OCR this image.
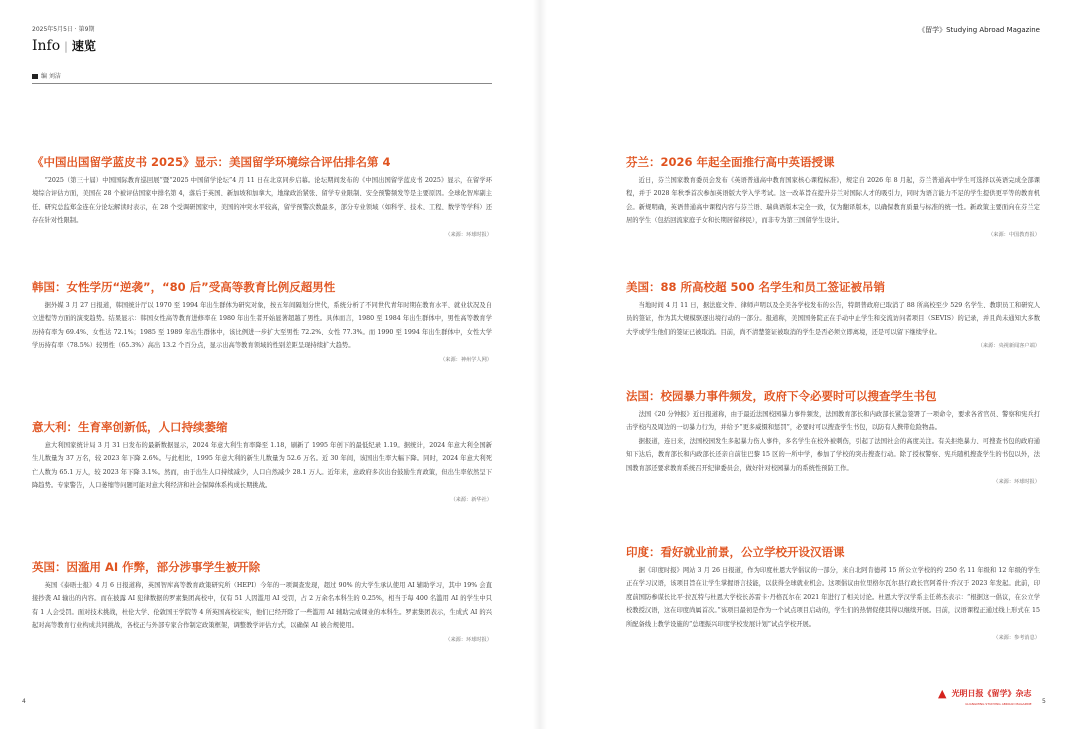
2025年5月5日 · 第9期
Info | 速览
编 刘洁
《中国出国留学蓝皮书 2025》显示：美国留学环境综合评估排名第 4

“2025（第三十届）中国国际教育巡回展”暨“2025 中国留学论坛”4 月 11 日在北京同步启幕。论坛期间发布的《中国出国留学蓝皮书 2025》显示，在留学环境综合评估方面，美国在 28 个被评估国家中排名第 4，落后于英国、新加坡和加拿大，地缘政治紧张、留学专业限制、安全预警频发等是主要原因。全球化智库副主任、研究总监郑金连在分论坛解读时表示，在 28 个受调研国家中，美国的冲突水平较高，留学预警次数最多，部分专业领域（如科学、技术、工程、数学等学科）还存在针对性限制。

（来源：环球时报）
韩国：女性学历“逆袭”，“80 后”受高等教育比例反超男性

据外媒 3 月 27 日报道，韩国统计厅以 1970 至 1994 年出生群体为研究对象，按五年间隔划分世代，系统分析了不同世代青年时期在教育水平、就业状况及自立进程等方面的演变趋势。结果显示：韩国女性高等教育进修率在 1980 年出生者开始显著超越了男性。具体而言，1980 至 1984 年出生群体中，男性高等教育学历持有率为 69.4%、女性达 72.1%；1985 至 1989 年出生群体中，该比例进一步扩大至男性 72.2%、女性 77.3%。而 1990 至 1994 年出生群体中，女性大学学历持有率（78.5%）较男性（65.3%）高出 13.2 个百分点，显示出高等教育领域的性别差距呈现持续扩大趋势。

（来源：神州学人网）
意大利：生育率创新低，人口持续萎缩

意大利国家统计局 3 月 31 日发布的最新数据显示，2024 年意大利生育率降至 1.18，刷新了 1995 年创下的最低纪录 1.19。据统计，2024 年意大利全国新生儿数量为 37 万名，较 2023 年下降 2.6%。与此相比，1995 年意大利的新生儿数量为 52.6 万名。近 30 年间，该国出生率大幅下降。同时，2024 年意大利死亡人数为 65.1 万人，较 2023 年下降 3.1%。然而，由于出生人口持续减少，人口自然减少 28.1 万人。近年来，意政府多次出台鼓励生育政策，但出生率依然呈下降趋势。专家警告，人口萎缩等问题可能对意大利经济和社会保障体系构成长期挑战。

（来源：新华社）
英国：因滥用 AI 作弊，部分涉事学生被开除

英国《泰晤士报》4 月 6 日报道称，英国智库高等教育政策研究所（HEPI）今年的一项调查发现，超过 90% 的大学生承认使用 AI 辅助学习，其中 19% 会直接抄袭 AI 输出的内容。而在披露 AI 犯律数据的罗素集团高校中，仅有 51 人因滥用 AI 受罚，占 2 万余名本科生的 0.25%，相当于每 400 名滥用 AI 的学生中只有 1 人会受罚。面对技术挑战，杜伦大学、伦敦国王学院等 4 所英国高校证实，他们已经开除了一些滥用 AI 辅助完成课业的本科生。罗素集团表示，生成式 AI 的兴起对高等教育行业构成共同挑战，各校正与外部专家合作制定政策框架，调整教学评估方式，以确保 AI 被合规使用。

（来源：环球时报）
4
《留学》Studying Abroad Magazine
芬兰：2026 年起全面推行高中英语授课

近日，芬兰国家教育委员会发布《英语普通高中教育国家核心课程标准》，规定自 2026 年 8 月起，芬兰普通高中学生可选择以英语完成全部课程，并于 2028 年秋季首次参加英语版大学入学考试。这一改革旨在提升芬兰对国际人才的吸引力，同时为语言能力不足的学生提供更平等的教育机会。新规明确，英语普通高中课程内容与芬兰语、瑞典语版本完全一致，仅为翻译版本，以确保教育质量与标准的统一性。新政策主要面向在芬兰定居的学生（包括回流家庭子女和长期居留移民），而非专为第三国留学生设计。

（来源：中国教育报）
美国：88 所高校超 500 名学生和员工签证被吊销

当地时间 4 月 11 日，据法庭文件、律师声明以及全美各学校发布的公告，特朗普政府已取消了 88 所高校至少 529 名学生、教职员工和研究人员的签证，作为其大规模驱逐出境行动的一部分。报道称，美国国务院正在手动中止学生和交流访问者项目（SEVIS）的记录，并且尚未通知大多数大学或学生他们的签证已被取消。目前，尚不清楚签证被取消的学生是否必须立即离境，还是可以留下继续学业。

（来源：央视新闻客户端）
法国：校园暴力事件频发，政府下令必要时可以搜查学生书包

法国《20 分钟报》近日报道称，由于最近法国校园暴力事件频发，法国教育部长和内政部长紧急签署了一项命令，要求各省官员、警察和宪兵打击学校内及周边的一切暴力行为，并给予“更多威慑和惩罚”，必要时可以搜查学生书包，以防有人携带危险物品。

据报道，连日来，法国校园发生多起暴力伤人事件，多名学生在校外被刺伤，引起了法国社会的高度关注。有关拒绝暴力、可搜查书包的政府通知下达后，教育部长和内政部长还亲自前往巴黎 15 区的一所中学，参加了学校的突击搜查行动。除了授权警察、宪兵随机搜查学生的书包以外，法国教育部还要求教育系统召开纪律委员会，做好针对校园暴力的系统性预防工作。

（来源：环球时报）
印度：看好就业前景，公立学校开设汉语课

据《印度时报》网站 3 月 26 日报道，作为印度杜恩大学倡议的一部分，来自北阿肯德邦 15 所公立学校的约 250 名 11 年级和 12 年级的学生正在学习汉语，该项目旨在让学生掌握语言技能，以获得全球就业机会。这项倡议由位里格尔瓦尔县行政长官阿希什·乔汉于 2023 年发起。此前，印度前国防参谋长比平·拉瓦特与杜恩大学校长苏雷卡·丹格瓦尔在 2021 年进行了相关讨论。杜恩大学汉学系主任蒋杰表示：“根据这一倡议，在公立学校教授汉语，这在印度尚属首次。”该项目最初是作为一个试点项目启动的，学生们的热情促使其得以继续开展。目前，汉语课程正通过线上形式在 15 所配备线上教学设施的“总理振兴印度学校发展计划”试点学校开展。

（来源：参考消息）
▲ 光明日报《留学》杂志
GUANGMING STUDYING ABROAD MAGAZINE 5
